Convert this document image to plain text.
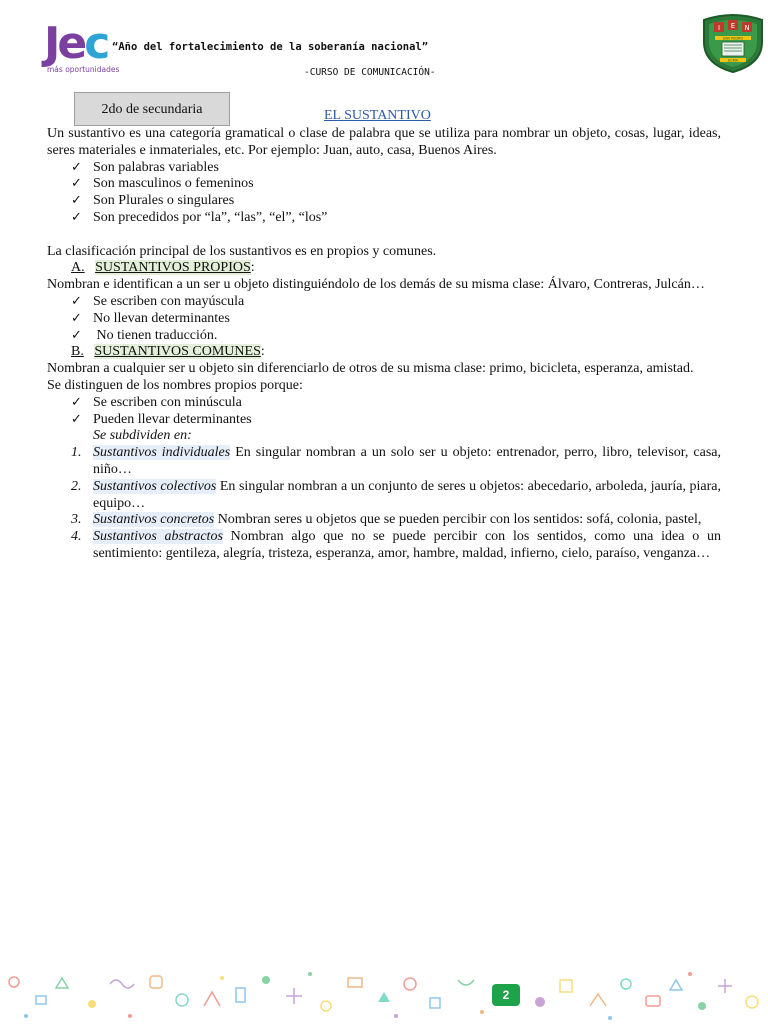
Jec
más oportunidades
“Año del fortalecimiento de la soberanía nacional”
-CURSO DE COMUNICACIÓN-
I E N
SAN PEDRO
ECMA
2do de secundaria	EL SUSTANTIVO

Un sustantivo es una categoría gramatical o clase de palabra que se utiliza para nombrar un objeto, cosas, lugar, ideas, seres materiales e inmateriales, etc. Por ejemplo: Juan, auto, casa, Buenos Aires.

✓ Son palabras variables
✓ Son masculinos o femeninos
✓ Son Plurales o singulares
✓ Son precedidos por “la”, “las”, “el”, “los”

La clasificación principal de los sustantivos es en propios y comunes.

A. SUSTANTIVOS PROPIOS:

Nombran e identifican a un ser u objeto distinguiéndolo de los demás de su misma clase: Álvaro, Contreras, Julcán…

✓ Se escriben con mayúscula
✓ No llevan determinantes
✓ No tienen traducción.
B. SUSTANTIVOS COMUNES:

Nombran a cualquier ser u objeto sin diferenciarlo de otros de su misma clase: primo, bicicleta, esperanza, amistad.

Se distinguen de los nombres propios porque:

✓ Se escriben con minúscula
✓ Pueden llevar determinantes
Se subdividen en:
1. Sustantivos individuales En singular nombran a un solo ser u objeto: entrenador, perro, libro, televisor, casa, niño…
2. Sustantivos colectivos En singular nombran a un conjunto de seres u objetos: abecedario, arboleda, jauría, piara, equipo…
3. Sustantivos concretos Nombran seres u objetos que se pueden percibir con los sentidos: sofá, colonia, pastel,
4. Sustantivos abstractos Nombran algo que no se puede percibir con los sentidos, como una idea o un sentimiento: gentileza, alegría, tristeza, esperanza, amor, hambre, maldad, infierno, cielo, paraíso, venganza…
2
